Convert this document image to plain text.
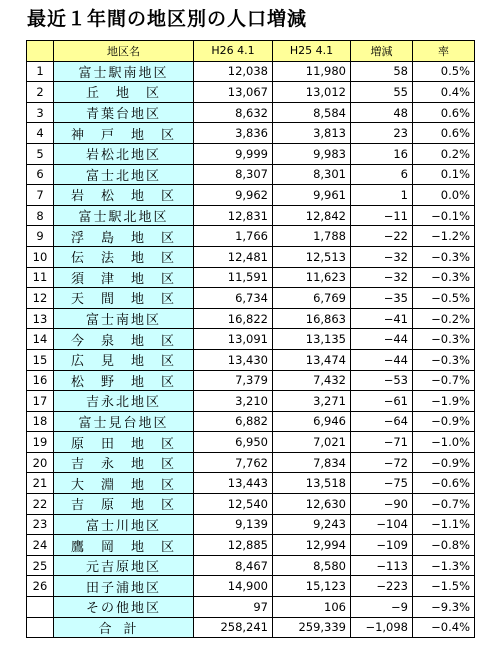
最近１年間の地区別の人口増減
	地区名	H26 4.1	H25 4.1	増減	率
1	富士駅南地区	12,038	11,980	58	0.5%
2	丘　地　区	13,067	13,012	55	0.4%
3	青葉台地区	8,632	8,584	48	0.6%
4	神　戸　地　区	3,836	3,813	23	0.6%
5	岩松北地区	9,999	9,983	16	0.2%
6	富士北地区	8,307	8,301	6	0.1%
7	岩　松　地　区	9,962	9,961	1	0.0%
8	富士駅北地区	12,831	12,842	−11	−0.1%
9	浮　島　地　区	1,766	1,788	−22	−1.2%
10	伝　法　地　区	12,481	12,513	−32	−0.3%
11	須　津　地　区	11,591	11,623	−32	−0.3%
12	天　間　地　区	6,734	6,769	−35	−0.5%
13	富士南地区	16,822	16,863	−41	−0.2%
14	今　泉　地　区	13,091	13,135	−44	−0.3%
15	広　見　地　区	13,430	13,474	−44	−0.3%
16	松　野　地　区	7,379	7,432	−53	−0.7%
17	吉永北地区	3,210	3,271	−61	−1.9%
18	富士見台地区	6,882	6,946	−64	−0.9%
19	原　田　地　区	6,950	7,021	−71	−1.0%
20	吉　永　地　区	7,762	7,834	−72	−0.9%
21	大　淵　地　区	13,443	13,518	−75	−0.6%
22	吉　原　地　区	12,540	12,630	−90	−0.7%
23	富士川地区	9,139	9,243	−104	−1.1%
24	鷹　岡　地　区	12,885	12,994	−109	−0.8%
25	元吉原地区	8,467	8,580	−113	−1.3%
26	田子浦地区	14,900	15,123	−223	−1.5%
	その他地区	97	106	−9	−9.3%
	合計	258,241	259,339	−1,098	−0.4%
